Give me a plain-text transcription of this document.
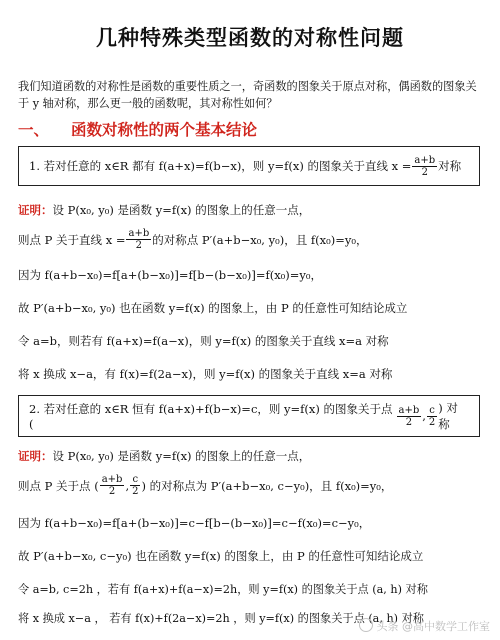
几种特殊类型函数的对称性问题
我们知道函数的对称性是函数的重要性质之一，奇函数的图象关于原点对称，偶函数的图象关于 y 轴对称，那么更一般的函数呢，其对称性如何？
一、 函数对称性的两个基本结论
1. 若对任意的 x∈R 都有 f(a+x)=f(b−x)，则 y=f(x) 的图象关于直线 $x = \frac{a+b}{2}$ 对称
证明：设 P(x₀, y₀) 是函数 y=f(x) 的图象上的任意一点，
则点 P 关于直线 $x = \frac{a+b}{2}$ 的对称点 P′(a+b−x₀, y₀)，且 f(x₀)=y₀，
因为 f(a+b−x₀)=f[a+(b−x₀)]=f[b−(b−x₀)]=f(x₀)=y₀，
故 P′(a+b−x₀, y₀) 也在函数 y=f(x) 的图象上，由 P 的任意性可知结论成立
令 a=b，则若有 f(a+x)=f(a−x)，则 y=f(x) 的图象关于直线 x=a 对称
将 x 换成 x−a，有 f(x)=f(2a−x)，则 y=f(x) 的图象关于直线 x=a 对称
2. 若对任意的 x∈R 恒有 f(a+x)+f(b−x)=c，则 y=f(x) 的图象关于点 (	$\frac{a+b}{2}$ , $\frac{c}{2}$ ) 对称
证明：设 P(x₀, y₀) 是函数 y=f(x) 的图象上的任意一点，
则点 P 关于点 ( $\frac{a+b}{2}$ , $\frac{c}{2}$ ) 的对称点为 P′(a+b−x₀, c−y₀)，且 f(x₀)=y₀，
因为 f(a+b−x₀)=f[a+(b−x₀)]=c−f[b−(b−x₀)]=c−f(x₀)=c−y₀，
故 P′(a+b−x₀, c−y₀) 也在函数 y=f(x) 的图象上，由 P 的任意性可知结论成立
令 a=b, c=2h ，若有 f(a+x)+f(a−x)=2h，则 y=f(x) 的图象关于点 (a, h) 对称
将 x 换成 x−a ， 若有 f(x)+f(2a−x)=2h ，则 y=f(x) 的图象关于点 (a, h) 对称
头条 @高中数学工作室
